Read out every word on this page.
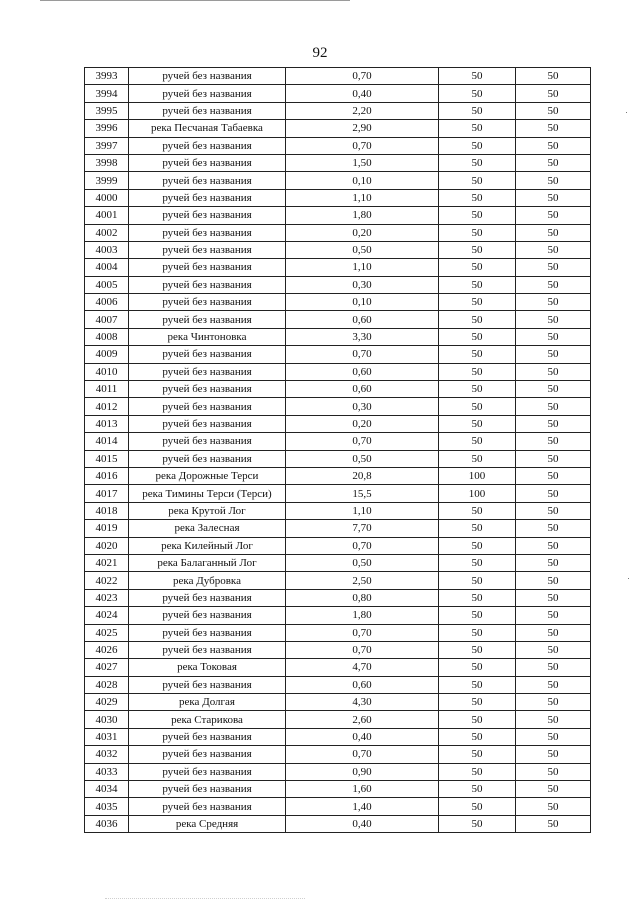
92
3993	ручей без названия	0,70	50	50
3994	ручей без названия	0,40	50	50
3995	ручей без названия	2,20	50	50
3996	река Песчаная Табаевка	2,90	50	50
3997	ручей без названия	0,70	50	50
3998	ручей без названия	1,50	50	50
3999	ручей без названия	0,10	50	50
4000	ручей без названия	1,10	50	50
4001	ручей без названия	1,80	50	50
4002	ручей без названия	0,20	50	50
4003	ручей без названия	0,50	50	50
4004	ручей без названия	1,10	50	50
4005	ручей без названия	0,30	50	50
4006	ручей без названия	0,10	50	50
4007	ручей без названия	0,60	50	50
4008	река Чинтоновка	3,30	50	50
4009	ручей без названия	0,70	50	50
4010	ручей без названия	0,60	50	50
4011	ручей без названия	0,60	50	50
4012	ручей без названия	0,30	50	50
4013	ручей без названия	0,20	50	50
4014	ручей без названия	0,70	50	50
4015	ручей без названия	0,50	50	50
4016	река Дорожные Терси	20,8	100	50
4017	река Тимины Терси (Терси)	15,5	100	50
4018	река Крутой Лог	1,10	50	50
4019	река Залесная	7,70	50	50
4020	река Килейный Лог	0,70	50	50
4021	река Балаганный Лог	0,50	50	50
4022	река Дубровка	2,50	50	50
4023	ручей без названия	0,80	50	50
4024	ручей без названия	1,80	50	50
4025	ручей без названия	0,70	50	50
4026	ручей без названия	0,70	50	50
4027	река Токовая	4,70	50	50
4028	ручей без названия	0,60	50	50
4029	река Долгая	4,30	50	50
4030	река Старикова	2,60	50	50
4031	ручей без названия	0,40	50	50
4032	ручей без названия	0,70	50	50
4033	ручей без названия	0,90	50	50
4034	ручей без названия	1,60	50	50
4035	ручей без названия	1,40	50	50
4036	река Средняя	0,40	50	50
